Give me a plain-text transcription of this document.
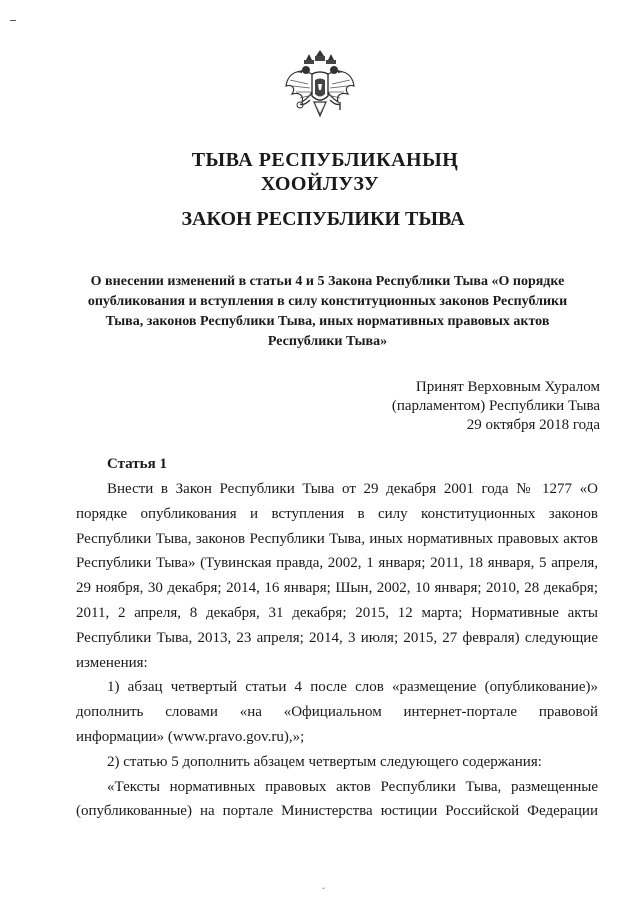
ТЫВА РЕСПУБЛИКАНЫҢ
ХООЙЛУЗУ
ЗАКОН РЕСПУБЛИКИ ТЫВА
О внесении изменений в статьи 4 и 5 Закона Республики Тыва «О порядке опубликования и вступления в силу конституционных законов Республики Тыва, законов Республики Тыва, иных нормативных правовых актов Республики Тыва»
Принят Верховным Хуралом
(парламентом) Республики Тыва
29 октября 2018 года
Статья 1

Внести в Закон Республики Тыва от 29 декабря 2001 года № 1277 «О порядке опубликования и вступления в силу конституционных законов Республики Тыва, законов Республики Тыва, иных нормативных правовых актов Республики Тыва» (Тувинская правда, 2002, 1 января; 2011, 18 января, 5 апреля, 29 ноября, 30 декабря; 2014, 16 января; Шын, 2002, 10 января; 2010, 28 декабря; 2011, 2 апреля, 8 декабря, 31 декабря; 2015, 12 марта; Нормативные акты Республики Тыва, 2013, 23 апреля; 2014, 3 июля; 2015, 27 февраля) следующие изменения:

1) абзац четвертый статьи 4 после слов «размещение (опубликование)» дополнить словами «на «Официальном интернет-портале правовой информации» (www.pravo.gov.ru),»;

2) статью 5 дополнить абзацем четвертым следующего содержания:

«Тексты нормативных правовых актов Республики Тыва, размещенные (опубликованные) на портале Министерства юстиции Российской Федерации

ˇ
